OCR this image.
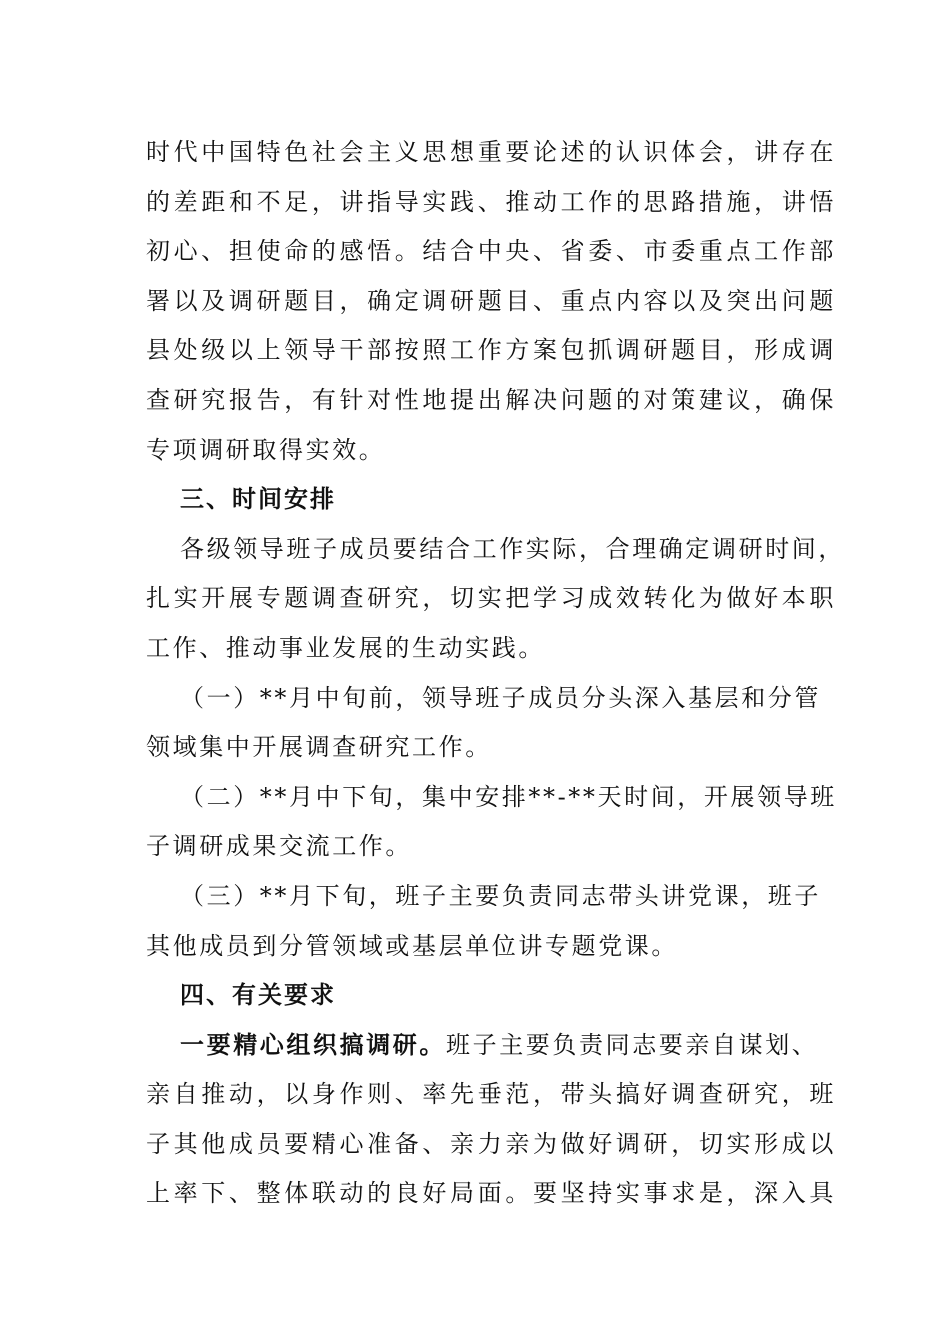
时代中国特色社会主义思想重要论述的认识体会，讲存在

的差距和不足，讲指导实践、推动工作的思路措施，讲悟

初心、担使命的感悟。结合中央、省委、市委重点工作部

署以及调研题目，确定调研题目、重点内容以及突出问题

县处级以上领导干部按照工作方案包抓调研题目，形成调

查研究报告，有针对性地提出解决问题的对策建议，确保

专项调研取得实效。

三、时间安排

各级领导班子成员要结合工作实际，合理确定调研时间，

扎实开展专题调查研究，切实把学习成效转化为做好本职

工作、推动事业发展的生动实践。

（一）**月中旬前，领导班子成员分头深入基层和分管

领域集中开展调查研究工作。

（二）**月中下旬，集中安排**-**天时间，开展领导班

子调研成果交流工作。

（三）**月下旬，班子主要负责同志带头讲党课，班子

其他成员到分管领域或基层单位讲专题党课。

四、有关要求

一要精心组织搞调研。班子主要负责同志要亲自谋划、

亲自推动，以身作则、率先垂范，带头搞好调查研究，班

子其他成员要精心准备、亲力亲为做好调研，切实形成以

上率下、整体联动的良好局面。要坚持实事求是，深入具
